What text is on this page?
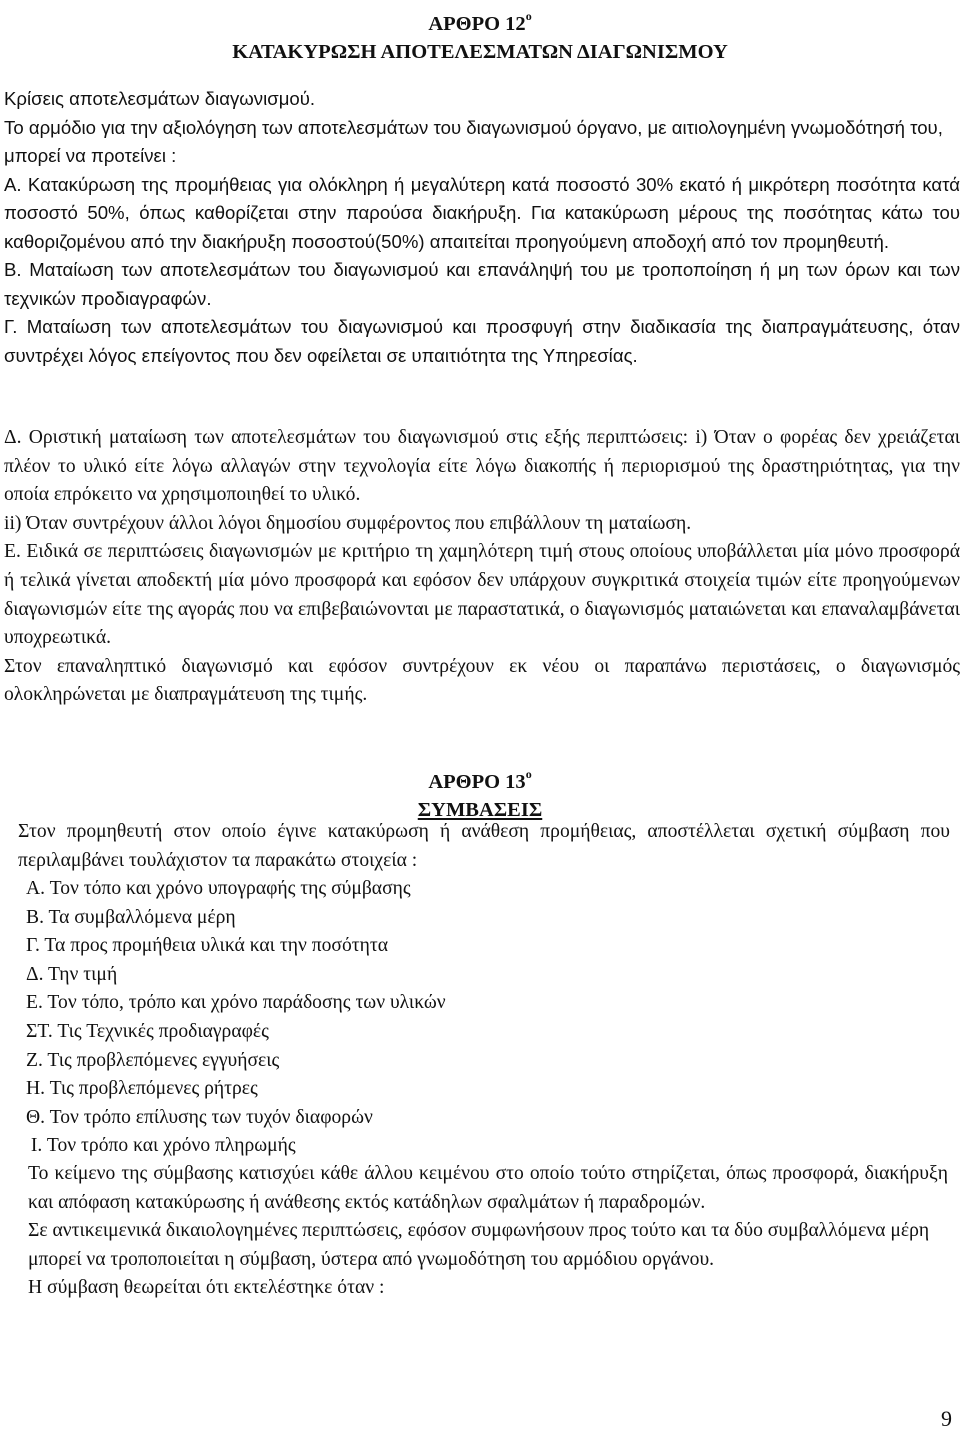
ΑΡΘΡΟ $12^o$
ΚΑΤΑΚΥΡΩΣΗ ΑΠΟΤΕΛΕΣΜΑΤΩΝ ΔΙΑΓΩΝΙΣΜΟΥ

Κρίσεις αποτελεσμάτων διαγωνισμού.

Το αρμόδιο για την αξιολόγηση των αποτελεσμάτων του διαγωνισμού όργανο, με αιτιολογημένη γνωμοδότησή του, μπορεί να προτείνει :

Α. Κατακύρωση της προμήθειας για ολόκληρη ή μεγαλύτερη κατά ποσοστό 30% εκατό ή μικρότερη ποσότητα κατά ποσοστό 50%, όπως καθορίζεται στην παρούσα διακήρυξη. Για κατακύρωση μέρους της ποσότητας κάτω του καθοριζομένου από την διακήρυξη ποσοστού(50%) απαιτείται προηγούμενη αποδοχή από τον προμηθευτή.

Β. Ματαίωση των αποτελεσμάτων του διαγωνισμού και επανάληψή του με τροποποίηση ή μη των όρων και των τεχνικών προδιαγραφών.

Γ. Ματαίωση των αποτελεσμάτων του διαγωνισμού και προσφυγή στην διαδικασία της διαπραγμάτευσης, όταν συντρέχει λόγος επείγοντος που δεν οφείλεται σε υπαιτιότητα της Υπηρεσίας.

Δ. Οριστική ματαίωση των αποτελεσμάτων του διαγωνισμού στις εξής περιπτώσεις: i) Όταν ο φορέας δεν χρειάζεται πλέον το υλικό είτε λόγω αλλαγών στην τεχνολογία είτε λόγω διακοπής ή περιορισμού της δραστηριότητας, για την οποία επρόκειτο να χρησιμοποιηθεί το υλικό.

ii) Όταν συντρέχουν άλλοι λόγοι δημοσίου συμφέροντος που επιβάλλουν τη ματαίωση.

Ε. Ειδικά σε περιπτώσεις διαγωνισμών με κριτήριο τη χαμηλότερη τιμή στους οποίους υποβάλλεται μία μόνο προσφορά ή τελικά γίνεται αποδεκτή μία μόνο προσφορά και εφόσον δεν υπάρχουν συγκριτικά στοιχεία τιμών είτε προηγούμενων διαγωνισμών είτε της αγοράς που να επιβεβαιώνονται με παραστατικά, ο διαγωνισμός ματαιώνεται και επαναλαμβάνεται υποχρεωτικά.

Στον επαναληπτικό διαγωνισμό και εφόσον συντρέχουν εκ νέου οι παραπάνω περιστάσεις, ο διαγωνισμός ολοκληρώνεται με διαπραγμάτευση της τιμής.

ΑΡΘΡΟ $13^o$
ΣΥΜΒΑΣΕΙΣ

Στον προμηθευτή στον οποίο έγινε κατακύρωση ή ανάθεση προμήθειας, αποστέλλεται σχετική σύμβαση που περιλαμβάνει τουλάχιστον τα παρακάτω στοιχεία :

Α. Τον τόπο και χρόνο υπογραφής της σύμβασης

Β. Τα συμβαλλόμενα μέρη

Γ. Τα προς προμήθεια υλικά και την ποσότητα

Δ. Την τιμή

Ε. Τον τόπο, τρόπο και χρόνο παράδοσης των υλικών

ΣΤ. Τις Τεχνικές προδιαγραφές

Ζ. Τις προβλεπόμενες εγγυήσεις

Η. Τις προβλεπόμενες ρήτρες

Θ. Τον τρόπο επίλυσης των τυχόν διαφορών

Ι. Τον τρόπο και χρόνο πληρωμής

Το κείμενο της σύμβασης κατισχύει κάθε άλλου κειμένου στο οποίο τούτο στηρίζεται, όπως προσφορά, διακήρυξη και απόφαση κατακύρωσης ή ανάθεσης εκτός κατάδηλων σφαλμάτων ή παραδρομών.

Σε αντικειμενικά δικαιολογημένες περιπτώσεις, εφόσον συμφωνήσουν προς τούτο και τα δύο συμβαλλόμενα μέρη μπορεί να τροποποιείται η σύμβαση, ύστερα από γνωμοδότηση του αρμόδιου οργάνου.

Η σύμβαση θεωρείται ότι εκτελέστηκε όταν :

9
